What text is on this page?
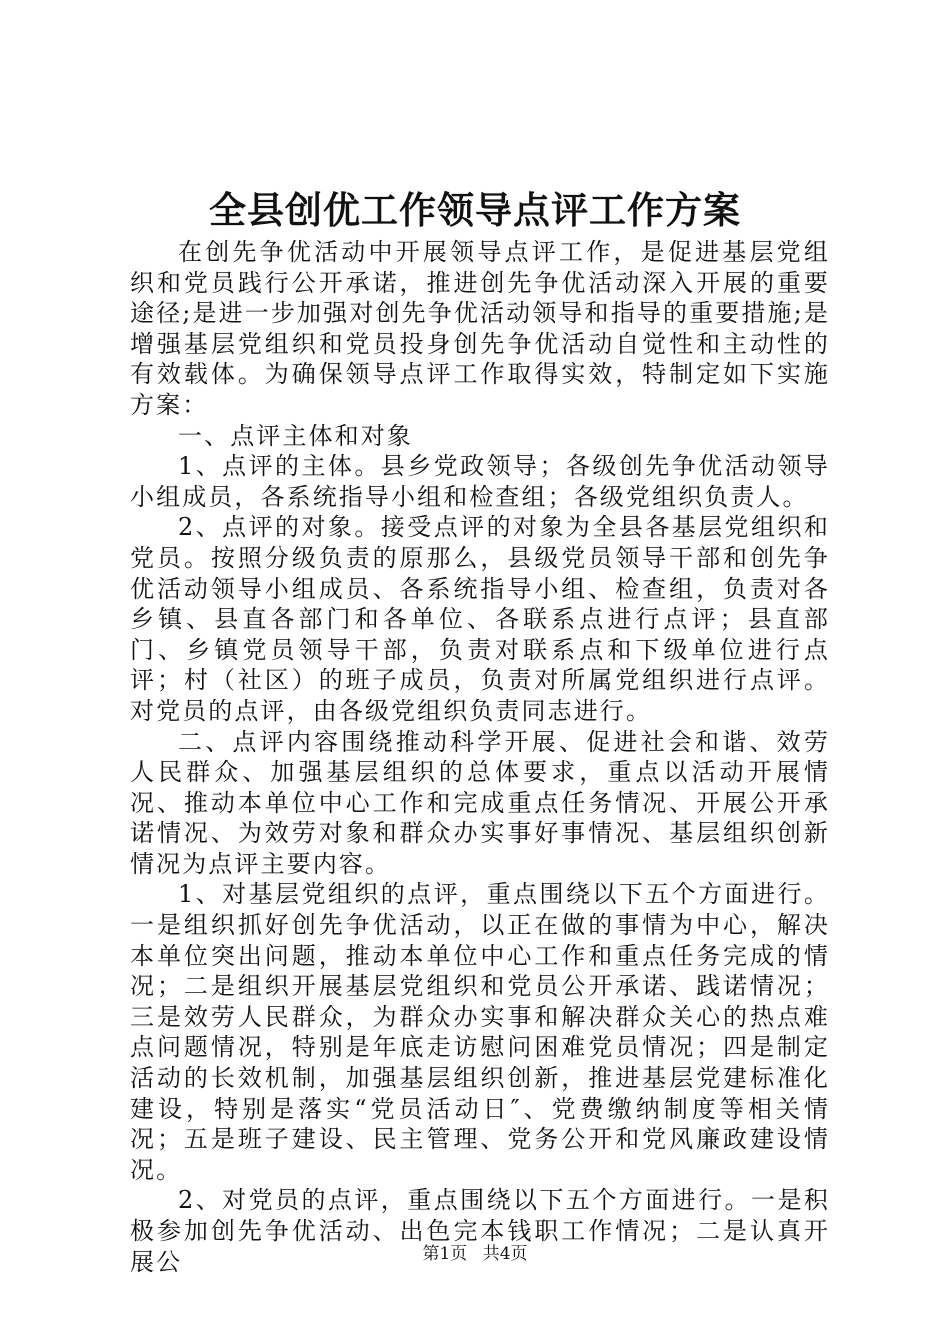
全县创优工作领导点评工作方案

在创先争优活动中开展领导点评工作，是促进基层党组织和党员践行公开承诺，推进创先争优活动深入开展的重要途径;是进一步加强对创先争优活动领导和指导的重要措施;是增强基层党组织和党员投身创先争优活动自觉性和主动性的有效载体。为确保领导点评工作取得实效，特制定如下实施方案：

一、点评主体和对象

1、点评的主体。县乡党政领导；各级创先争优活动领导小组成员，各系统指导小组和检查组；各级党组织负责人。

2、点评的对象。接受点评的对象为全县各基层党组织和党员。按照分级负责的原那么，县级党员领导干部和创先争优活动领导小组成员、各系统指导小组、检查组，负责对各乡镇、县直各部门和各单位、各联系点进行点评；县直部门、乡镇党员领导干部，负责对联系点和下级单位进行点评；村（社区）的班子成员，负责对所属党组织进行点评。对党员的点评，由各级党组织负责同志进行。

二、点评内容围绕推动科学开展、促进社会和谐、效劳人民群众、加强基层组织的总体要求，重点以活动开展情况、推动本单位中心工作和完成重点任务情况、开展公开承诺情况、为效劳对象和群众办实事好事情况、基层组织创新情况为点评主要内容。

1、对基层党组织的点评，重点围绕以下五个方面进行。一是组织抓好创先争优活动，以正在做的事情为中心，解决本单位突出问题，推动本单位中心工作和重点任务完成的情况；二是组织开展基层党组织和党员公开承诺、践诺情况；三是效劳人民群众，为群众办实事和解决群众关心的热点难点问题情况，特别是年底走访慰问困难党员情况；四是制定活动的长效机制，加强基层组织创新，推进基层党建标准化建设，特别是落实“党员活动日″、党费缴纳制度等相关情况；五是班子建设、民主管理、党务公开和党风廉政建设情况。

2、对党员的点评，重点围绕以下五个方面进行。一是积极参加创先争优活动、出色完本钱职工作情况；二是认真开展公	第1页 共4页
